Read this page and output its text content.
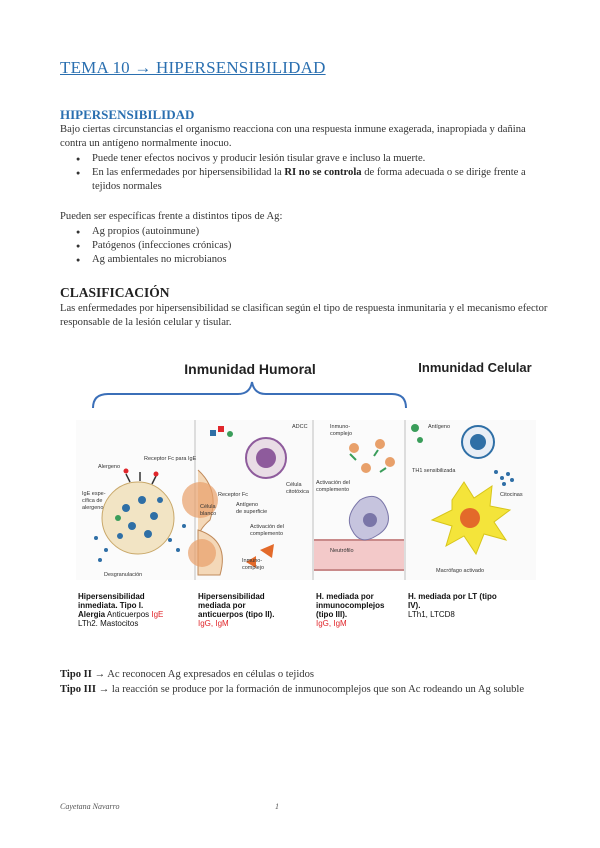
TEMA 10 → HIPERSENSIBILIDAD
HIPERSENSIBILIDAD
Bajo ciertas circunstancias el organismo reacciona con una respuesta inmune exagerada, inapropiada y dañina contra un antígeno normalmente inocuo.
● Puede tener efectos nocivos y producir lesión tisular grave e incluso la muerte.
● En las enfermedades por hipersensibilidad la RI no se controla de forma adecuada o se dirige frente a tejidos normales
Pueden ser específicas frente a distintos tipos de Ag:
● Ag propios (autoinmune)
● Patógenos (infecciones crónicas)
● Ag ambientales no microbianos
CLASIFICACIÓN
Las enfermedades por hipersensibilidad se clasifican según el tipo de respuesta inmunitaria y el mecanismo efector responsable de la lesión celular y tisular.
Inmunidad Humoral	Inmunidad Celular
Alergeno
Receptor Fc para IgE
IgE espe-
cífica de
alergeno
Desgranulación
ADCC
Célula
citotóxica
Receptor Fc
Antígeno
de superficie
Célula
blanco
Activación del
complemento
Inmuno-
complejo
Inmuno-
complejo
Activación del
complemento
Neutrófilo
Antígeno
TH1 sensibilizada
Citocinas
Macrófago activado
Hipersensibilidad
inmediata. Tipo I.
Alergia Anticuerpos IgE
LTh2. Mastocitos
Hipersensibilidad
mediada por
anticuerpos (tipo II).
IgG, IgM
H. mediada por
inmunocomplejos
(tipo III).
IgG, IgM
H. mediada por LT (tipo
IV).
LTh1, LTCD8
Tipo II → Ac reconocen Ag expresados en células o tejidos
Tipo III → la reacción se produce por la formación de inmunocomplejos que son Ac rodeando un Ag soluble
Cayetana Navarro	1
